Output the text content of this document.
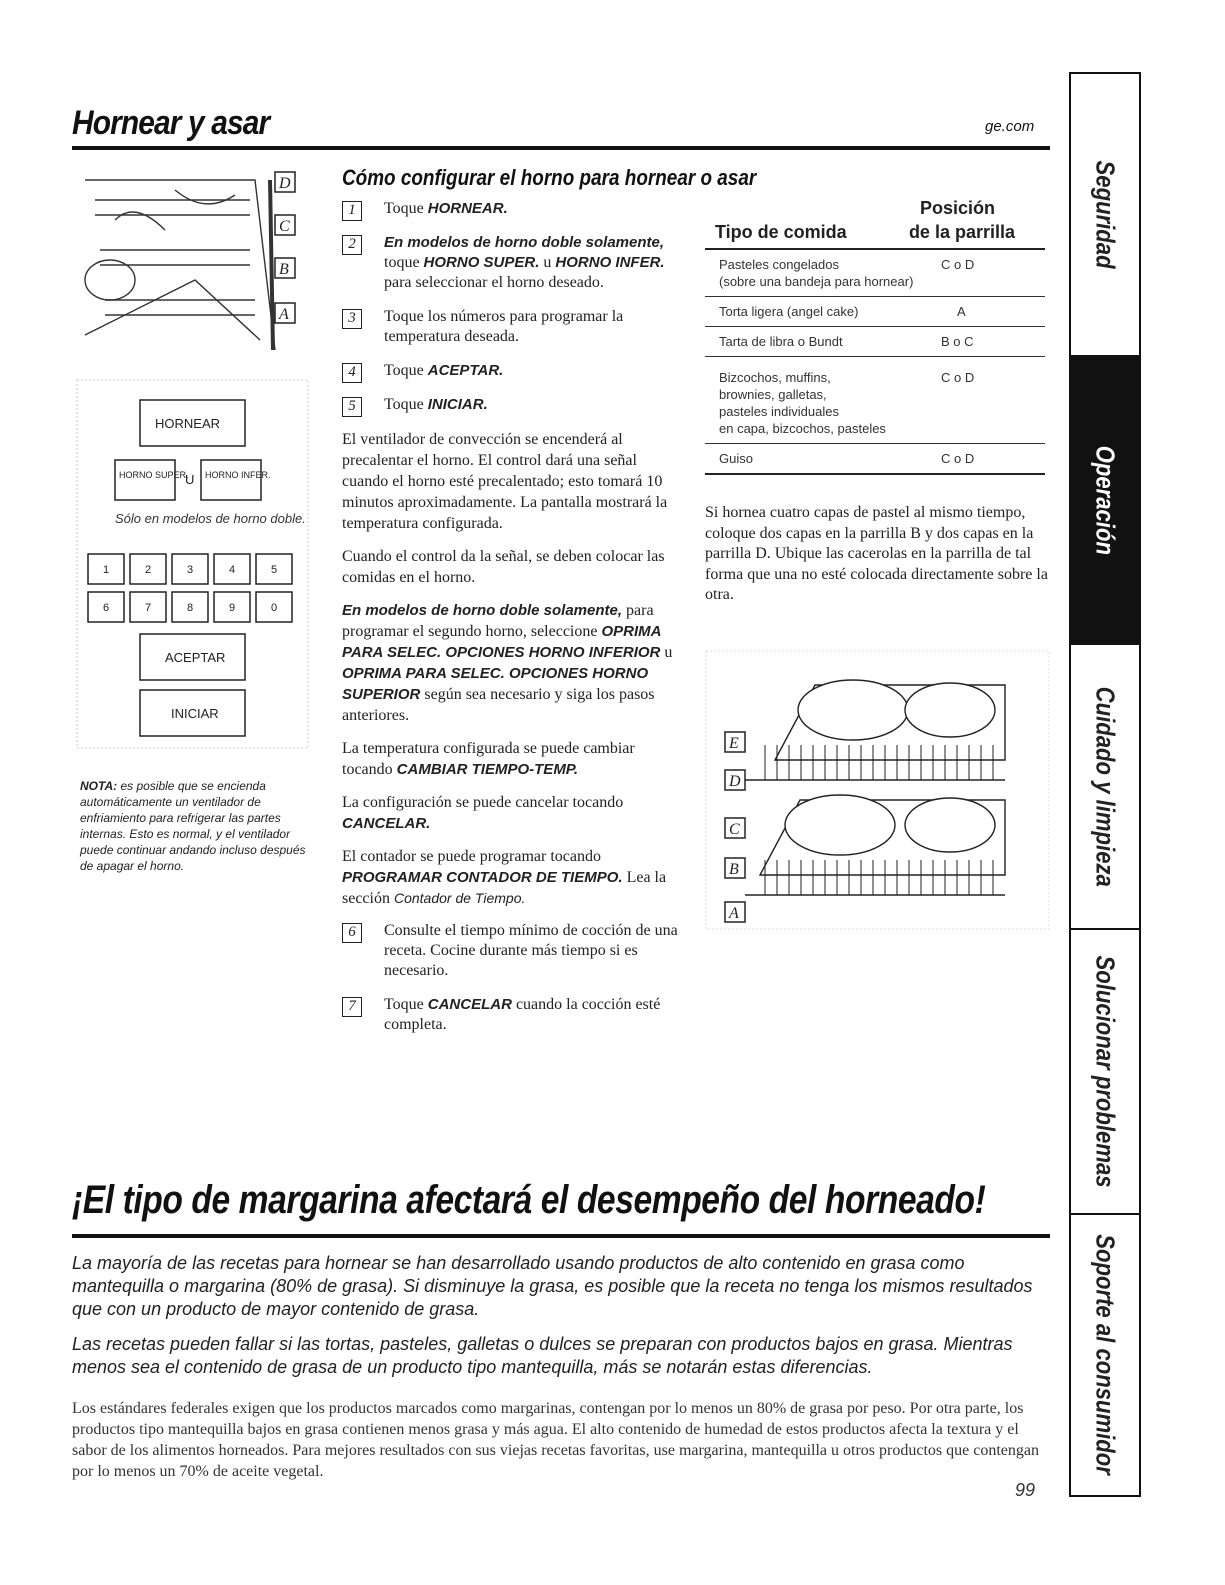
Hornear y asar	ge.com
D
C
B
A
HORNEAR
HORNO SUPER.
U HORNO INFER.
1	2	3	4	5
6	7	8	9	0
ACEPTAR
INICIAR
Sólo en modelos de horno doble.
NOTA: es posible que se encienda automáticamente un ventilador de enfriamiento para refrigerar las partes internas. Esto es normal, y el ventilador puede continuar andando incluso después de apagar el horno.
Cómo configurar el horno para hornear o asar
1	Toque HORNEAR.
2	En modelos de horno doble solamente, toque HORNO SUPER. u HORNO INFER. para seleccionar el horno deseado.
3	Toque los números para programar la temperatura deseada.
4	Toque ACEPTAR.
5	Toque INICIAR.

El ventilador de convección se encenderá al precalentar el horno. El control dará una señal cuando el horno esté precalentado; esto tomará 10 minutos aproximadamente. La pantalla mostrará la temperatura configurada.

Cuando el control da la señal, se deben colocar las comidas en el horno.

En modelos de horno doble solamente, para programar el segundo horno, seleccione OPRIMA PARA SELEC. OPCIONES HORNO INFERIOR u OPRIMA PARA SELEC. OPCIONES HORNO SUPERIOR según sea necesario y siga los pasos anteriores.

La temperatura configurada se puede cambiar tocando CAMBIAR TIEMPO-TEMP.

La configuración se puede cancelar tocando CANCELAR.

El contador se puede programar tocando PROGRAMAR CONTADOR DE TIEMPO. Lea la sección Contador de Tiempo.

6	Consulte el tiempo mínimo de cocción de una receta. Cocine durante más tiempo si es necesario.
7	Toque CANCELAR cuando la cocción esté completa.
Tipo de comida
Posición
de la parrilla
Pasteles congelados
(sobre una bandeja para hornear)
C o D
Torta ligera (angel cake)	A
Tarta de libra o Bundt	B o C
Bizcochos, muffins,
brownies, galletas,
pasteles individuales
en capa, bizcochos, pasteles
C o D
Guiso	C o D

Si hornea cuatro capas de pastel al mismo tiempo, coloque dos capas en la parrilla B y dos capas en la parrilla D. Ubique las cacerolas en la parrilla de tal forma que una no esté colocada directamente sobre la otra.

E
D
C
B
A
¡El tipo de margarina afectará el desempeño del horneado!

La mayoría de las recetas para hornear se han desarrollado usando productos de alto contenido en grasa como mantequilla o margarina (80% de grasa). Si disminuye la grasa, es posible que la receta no tenga los mismos resultados que con un producto de mayor contenido de grasa.

Las recetas pueden fallar si las tortas, pasteles, galletas o dulces se preparan con productos bajos en grasa. Mientras menos sea el contenido de grasa de un producto tipo mantequilla, más se notarán estas diferencias.

Los estándares federales exigen que los productos marcados como margarinas, contengan por lo menos un 80% de grasa por peso. Por otra parte, los productos tipo mantequilla bajos en grasa contienen menos grasa y más agua. El alto contenido de humedad de estos productos afecta la textura y el sabor de los alimentos horneados. Para mejores resultados con sus viejas recetas favoritas, use margarina, mantequilla u otros productos que contengan por lo menos un 70% de aceite vegetal.

99
Seguridad
Operación
Cuidado y limpieza
Solucionar problemas
Soporte al consumidor
